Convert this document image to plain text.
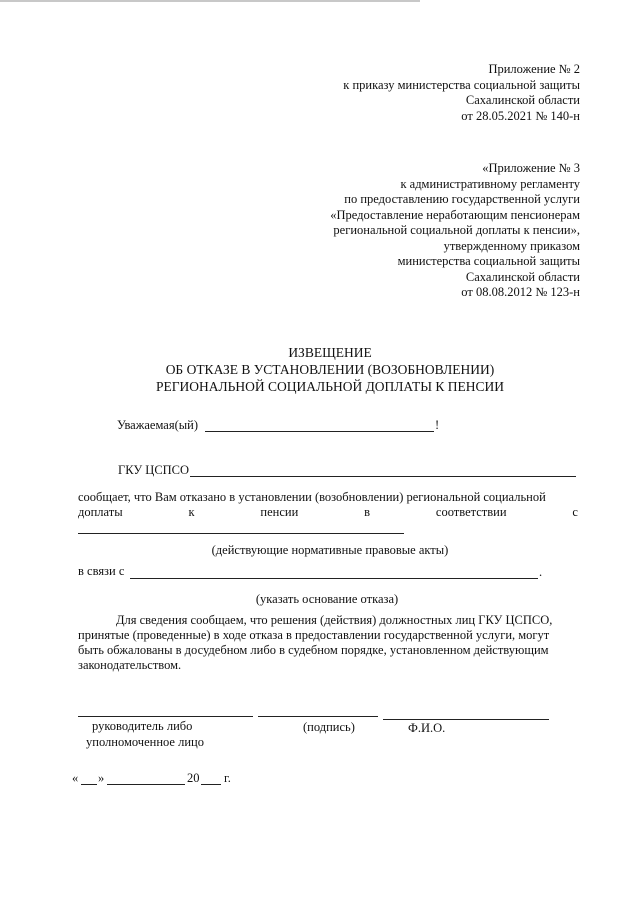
Приложение № 2
к приказу министерства социальной защиты
Сахалинской области
от 28.05.2021 № 140-н
«Приложение № 3
к административному регламенту
по предоставлению государственной услуги
«Предоставление неработающим пенсионерам
региональной социальной доплаты к пенсии»,
утвержденному приказом
министерства социальной защиты
Сахалинской области
от 08.08.2012 № 123-н
ИЗВЕЩЕНИЕ
ОБ ОТКАЗЕ В УСТАНОВЛЕНИИ (ВОЗОБНОВЛЕНИИ)
РЕГИОНАЛЬНОЙ СОЦИАЛЬНОЙ ДОПЛАТЫ К ПЕНСИИ
Уважаемая(ый)	!
ГКУ ЦСПСО
сообщает, что Вам отказано в установлении (возобновлении) региональной социальной
доплаты	к	пенсии	в	соответствии	с
(действующие нормативные правовые акты)
в связи с	.
(указать основание отказа)
Для сведения сообщаем, что решения (действия) должностных лиц ГКУ ЦСПСО,
принятые (проведенные) в ходе отказа в предоставлении государственной услуги, могут
быть обжалованы в досудебном либо в судебном порядке, установленном действующим
законодательством.
руководитель либо
уполномоченное лицо
(подпись)	Ф.И.О.
« »	20 г.
